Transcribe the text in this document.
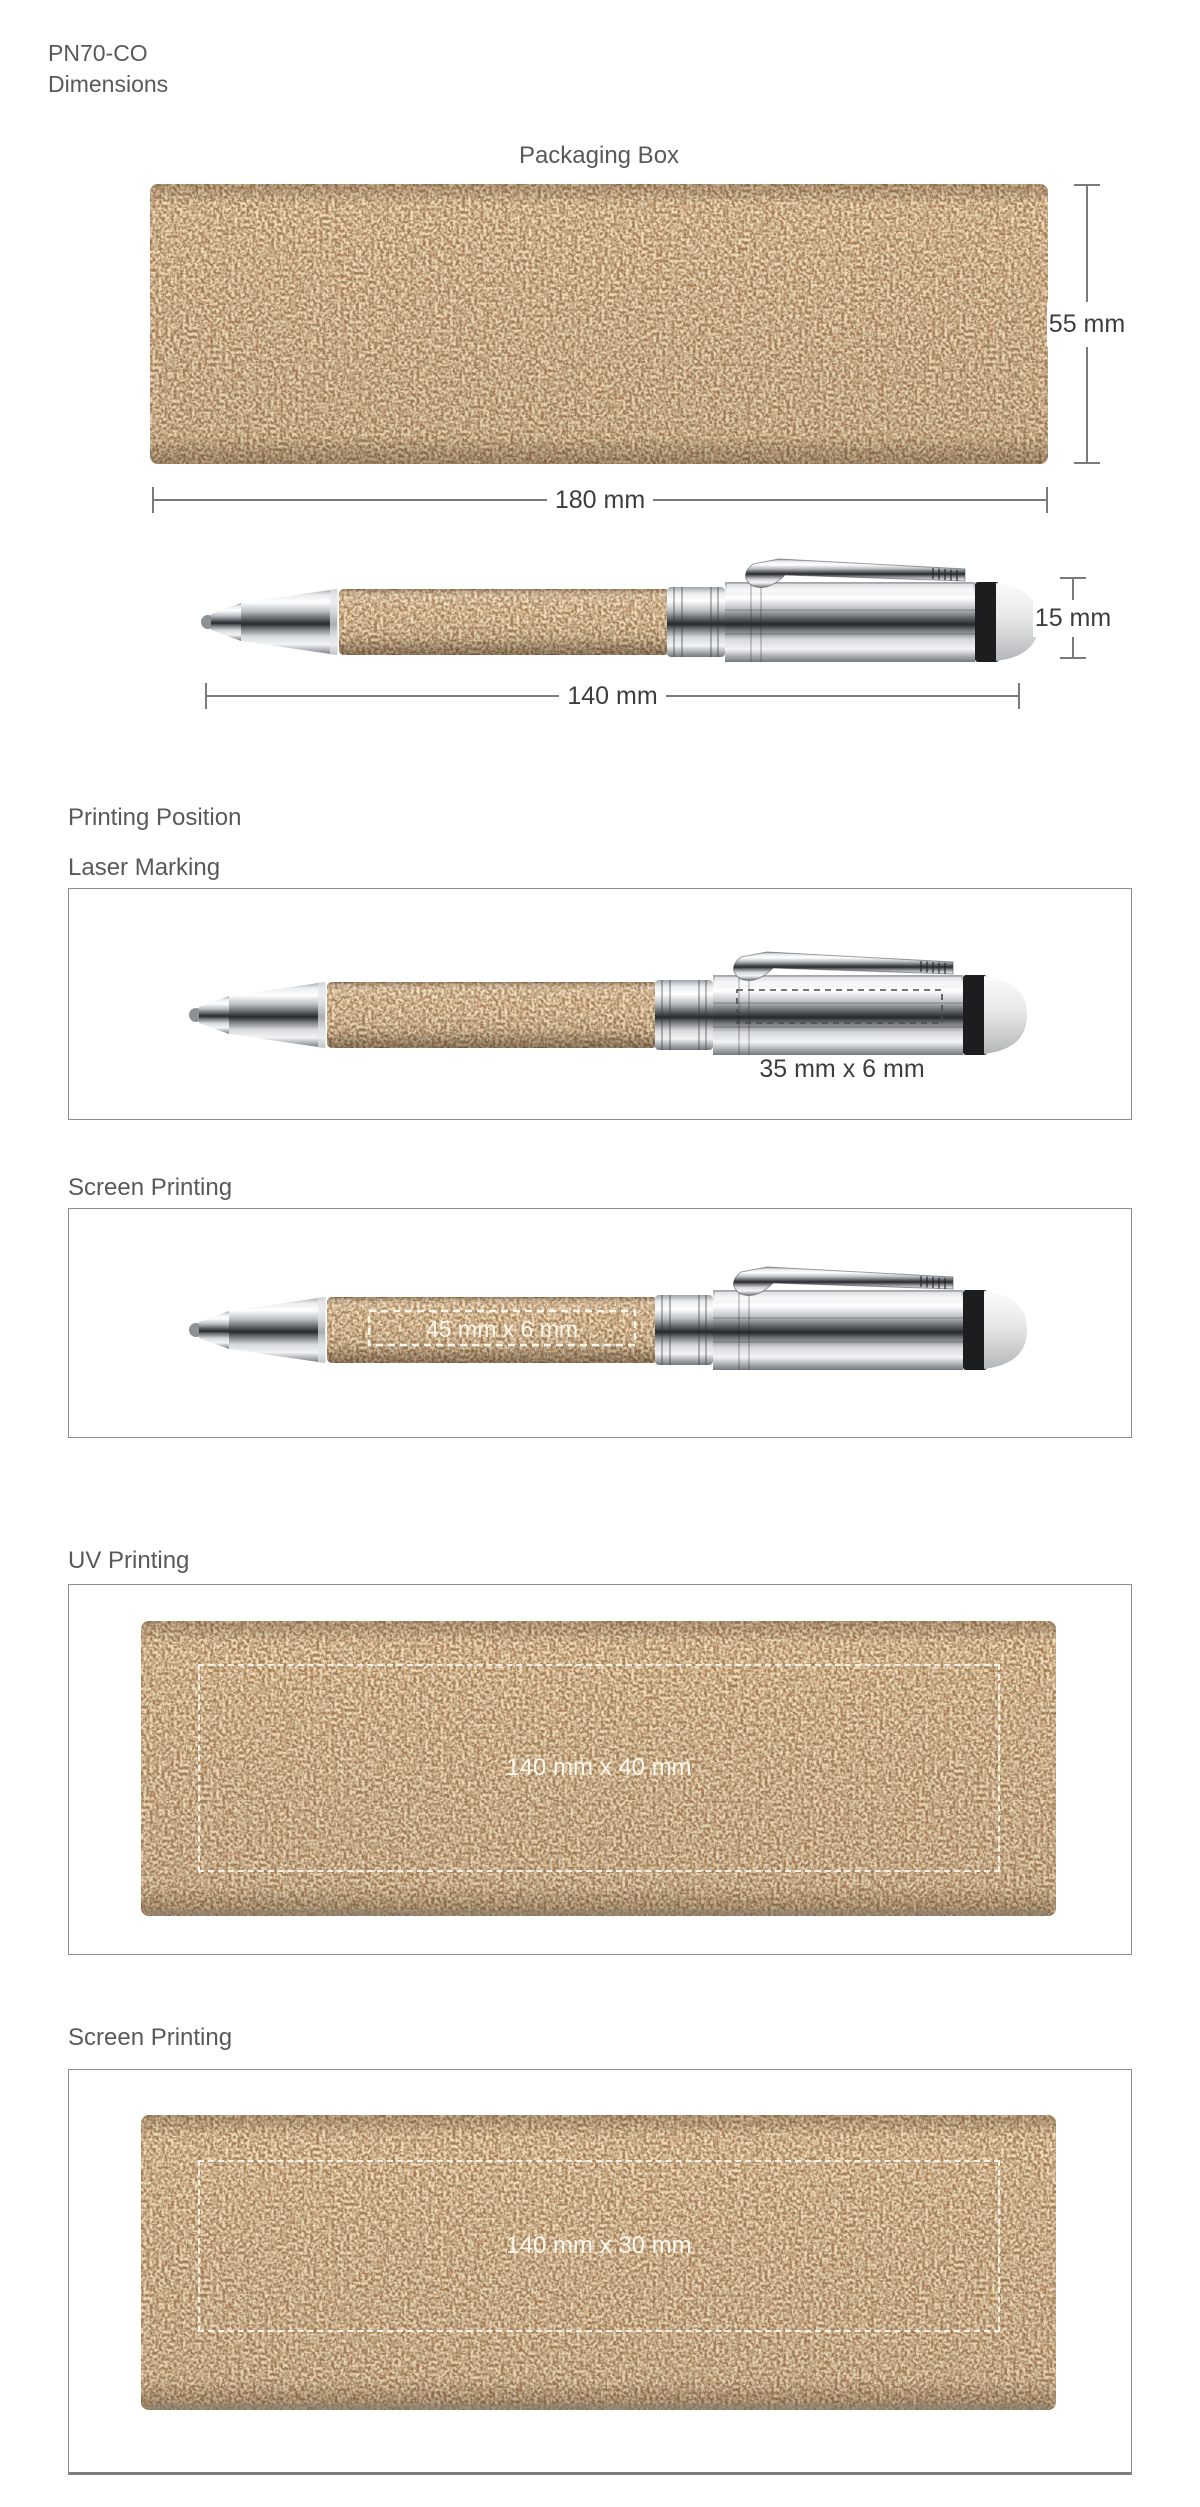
PN70-CO
Dimensions
Packaging Box
55 mm
180 mm
15 mm
140 mm
Printing Position
Laser Marking
35 mm x 6 mm
Screen Printing
45 mm x 6 mm
UV Printing
140 mm x 40 mm
Screen Printing
140 mm x 30 mm
